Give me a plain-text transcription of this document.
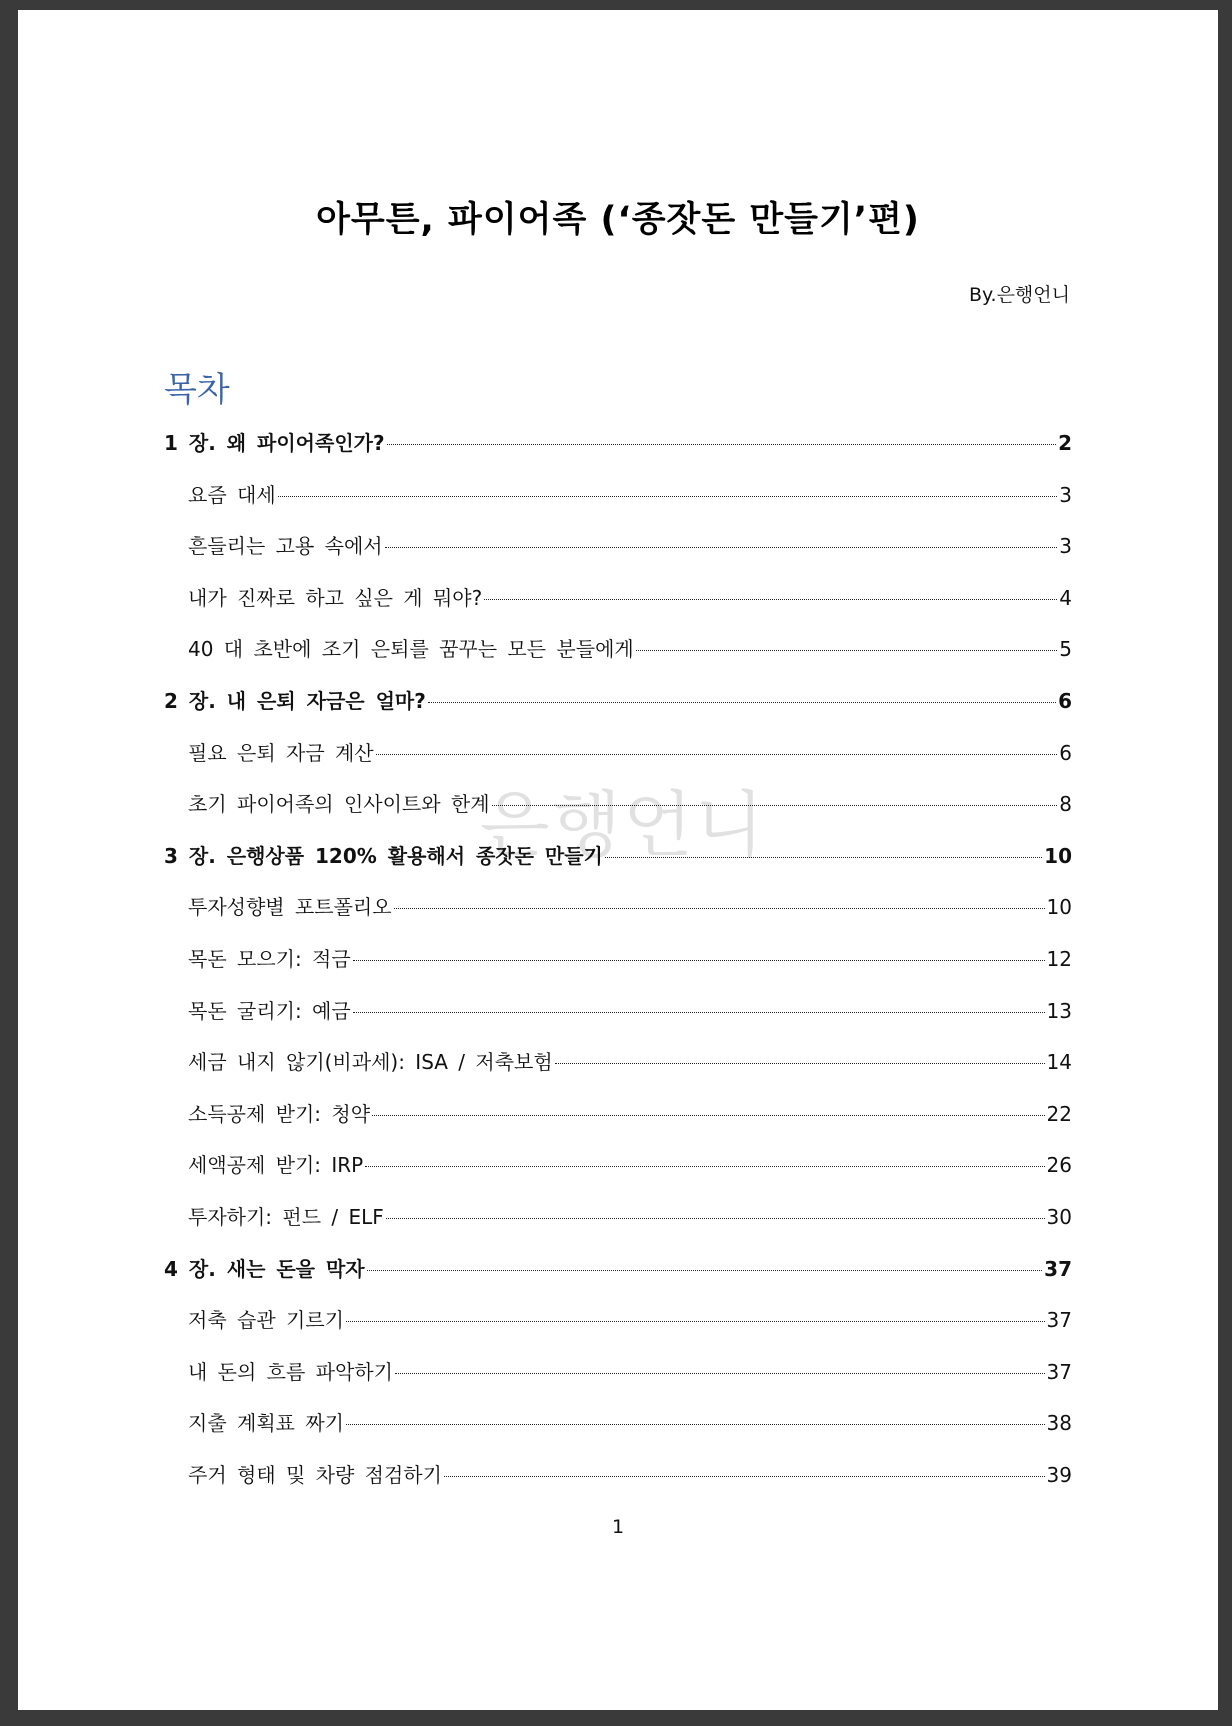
은행언니
아무튼, 파이어족 (‘종잣돈 만들기’편)
By.은행언니
목차
1 장. 왜 파이어족인가?	2
요즘 대세	3
흔들리는 고용 속에서	3
내가 진짜로 하고 싶은 게 뭐야?	4
40 대 초반에 조기 은퇴를 꿈꾸는 모든 분들에게	5
2 장. 내 은퇴 자금은 얼마?	6
필요 은퇴 자금 계산	6
초기 파이어족의 인사이트와 한계	8
3 장. 은행상품 120% 활용해서 종잣돈 만들기	10
투자성향별 포트폴리오	10
목돈 모으기: 적금	12
목돈 굴리기: 예금	13
세금 내지 않기(비과세): ISA / 저축보험	14
소득공제 받기: 청약	22
세액공제 받기: IRP	26
투자하기: 펀드 / ELF	30
4 장. 새는 돈을 막자	37
저축 습관 기르기	37
내 돈의 흐름 파악하기	37
지출 계획표 짜기	38
주거 형태 및 차량 점검하기	39
1
